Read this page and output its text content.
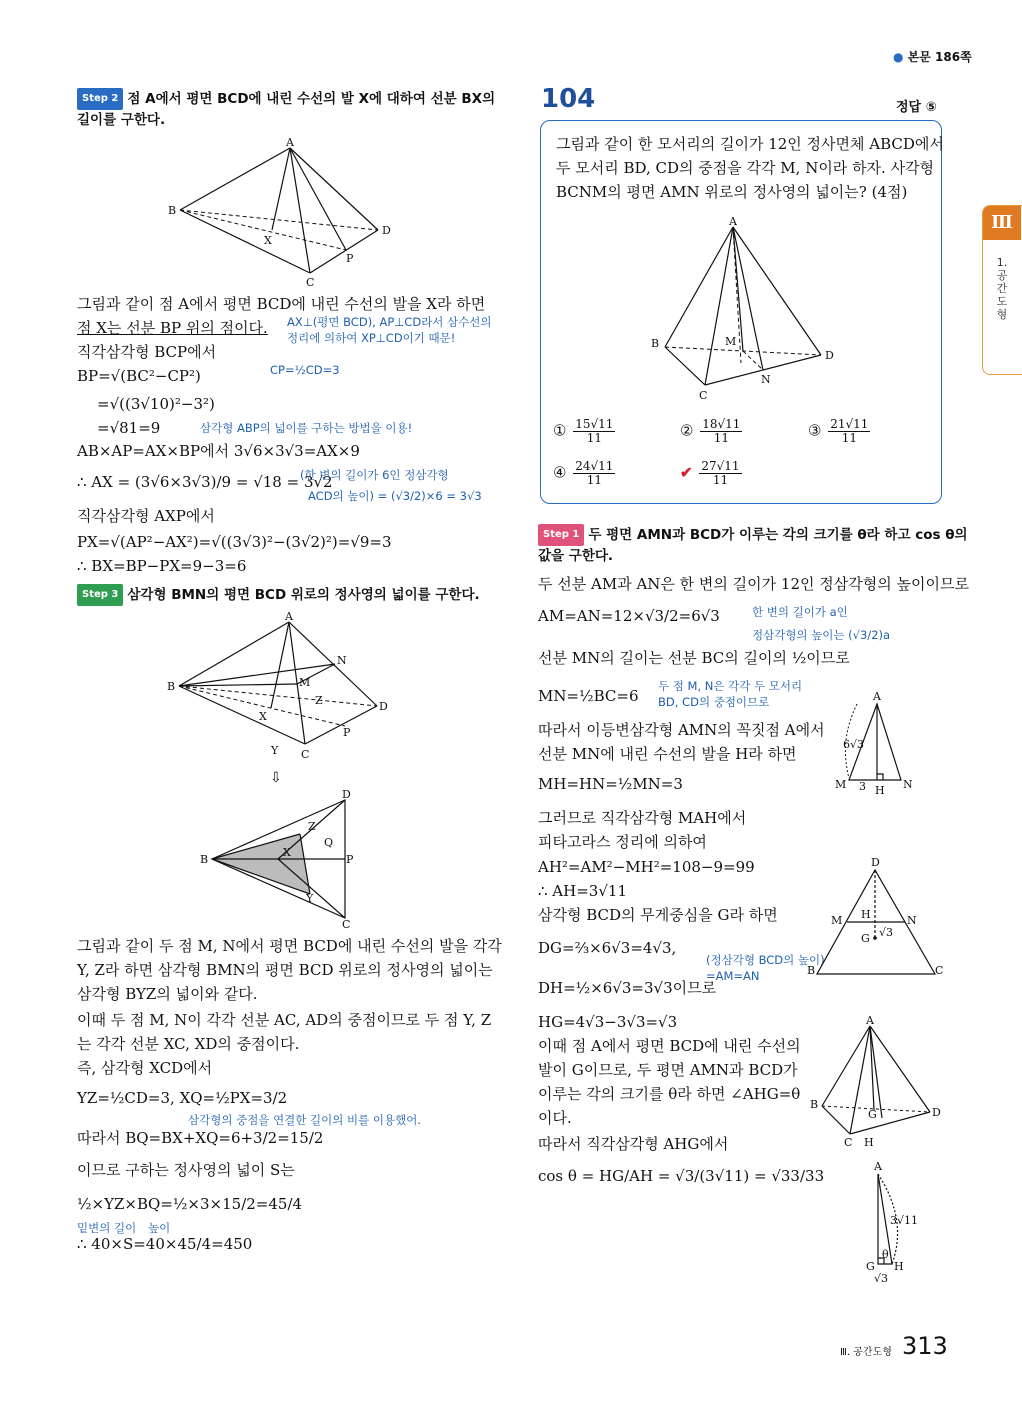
● 본문 186쪽
Ⅲ
1. 공간도형
Step 2 점 A에서 평면 BCD에 내린 수선의 발 X에 대하여 선분 BX의
길이를 구한다.
A
B
X
C
D
P
그림과 같이 점 A에서 평면 BCD에 내린 수선의 발을 X라 하면
점 X는 선분 BP 위의 점이다. AX⊥(평면 BCD), AP⊥CD라서 삼수선의
정리에 의하여 XP⊥CD이기 때문!
직각삼각형 BCP에서
BP=√(BC²−CP²)	CP=½CD=3
=√((3√10)²−3²)
=√81=9	삼각형 ABP의 넓이를 구하는 방법을 이용!
AB×AP=AX×BP에서 3√6×3√3=AX×9
∴ AX = (3√6×3√3)/9 = √18 = 3√2
(한 변의 길이가 6인 정삼각형
ACD의 높이) = (√3/2)×6 = 3√3
직각삼각형 AXP에서
PX=√(AP²−AX²)=√((3√3)²−(3√2)²)=√9=3
∴ BX=BP−PX=9−3=6
Step 3 삼각형 BMN의 평면 BCD 위로의 정사영의 넓이를 구한다.
A
B
N
M
X
Z
Y C
D
P
⇩
D
B
Z
Q
X
P
Y
C
그림과 같이 두 점 M, N에서 평면 BCD에 내린 수선의 발을 각각
Y, Z라 하면 삼각형 BMN의 평면 BCD 위로의 정사영의 넓이는
삼각형 BYZ의 넓이와 같다.
이때 두 점 M, N이 각각 선분 AC, AD의 중점이므로 두 점 Y, Z
는 각각 선분 XC, XD의 중점이다.
즉, 삼각형 XCD에서
YZ=½CD=3, XQ=½PX=3/2
삼각형의 중점을 연결한 길이의 비를 이용했어.
따라서 BQ=BX+XQ=6+3/2=15/2
이므로 구하는 정사영의 넓이 S는
½×YZ×BQ=½×3×15/2=45/4
밑변의 길이 높이
∴ 40×S=40×45/4=450
104	정답 ⑤
그림과 같이 한 모서리의 길이가 12인 정사면체 ABCD에서
두 모서리 BD, CD의 중점을 각각 M, N이라 하자. 사각형
BCNM의 평면 AMN 위로의 정사영의 넓이는? (4점)
A
B	M
D
N
C
① $\frac{15√11}{11}$	② $\frac{18√11}{11}$	③ $\frac{21√11}{11}$
④ $\frac{24√11}{11}$	✔ $\frac{27√11}{11}$
Step 1 두 평면 AMN과 BCD가 이루는 각의 크기를 θ라 하고 cos θ의
값을 구한다.
두 선분 AM과 AN은 한 변의 길이가 12인 정삼각형의 높이이므로
AM=AN=12×√3/2=6√3	한 변의 길이가 a인
정삼각형의 높이는 (√3/2)a
선분 MN의 길이는 선분 BC의 길이의 ½이므로
MN=½BC=6
두 점 M, N은 각각 두 모서리
BD, CD의 중점이므로
따라서 이등변삼각형 AMN의 꼭짓점 A에서
선분 MN에 내린 수선의 발을 H라 하면
MH=HN=½MN=3
A
6√3
M 3 H N
그러므로 직각삼각형 MAH에서
피타고라스 정리에 의하여
AH²=AM²−MH²=108−9=99
∴ AH=3√11
삼각형 BCD의 무게중심을 G라 하면
DG=⅔×6√3=4√3,
(정삼각형 BCD의 높이)
=AM=AN
DH=½×6√3=3√3이므로
HG=4√3−3√3=√3
D
M H	N
G √3
B	C
이때 점 A에서 평면 BCD에 내린 수선의
발이 G이므로, 두 평면 AMN과 BCD가
이루는 각의 크기를 θ라 하면 ∠AHG=θ
이다.
A
B
G	D
C H
따라서 직각삼각형 AHG에서
cos θ = HG/AH = √3/(3√11) = √33/33
A
3√11
θ
G H
√3
Ⅲ. 공간도형 313
